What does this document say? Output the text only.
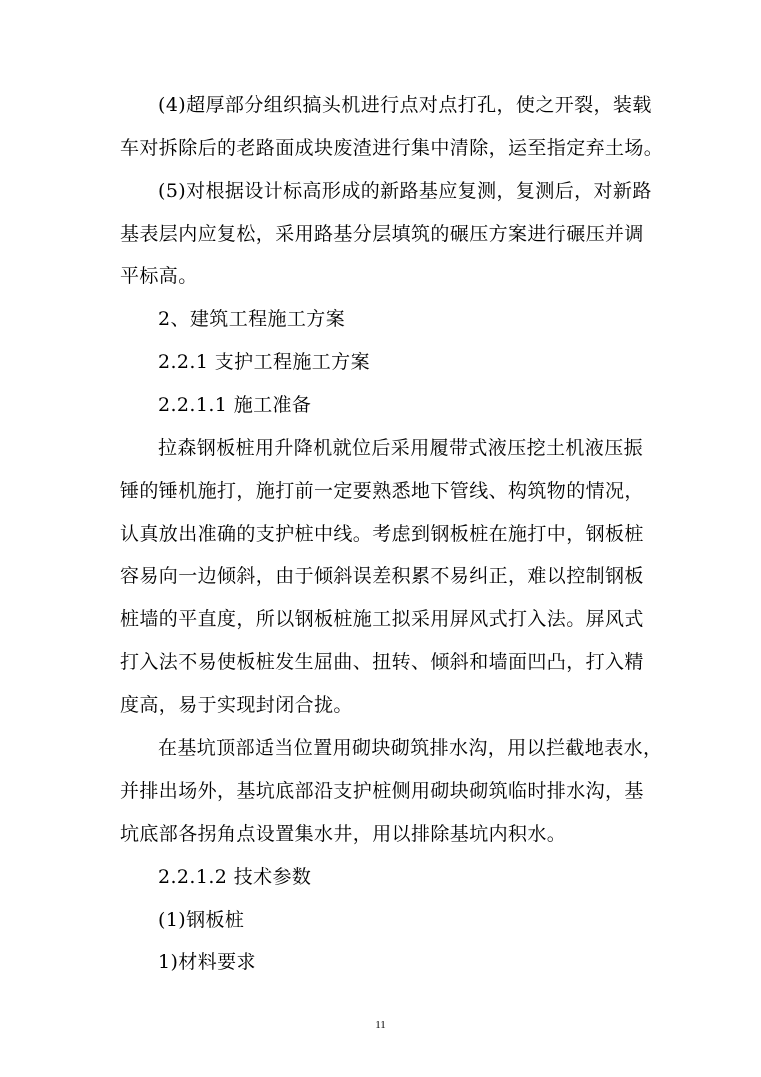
(4)超厚部分组织搞头机进行点对点打孔，使之开裂，装载
车对拆除后的老路面成块废渣进行集中清除，运至指定弃土场。
(5)对根据设计标高形成的新路基应复测，复测后，对新路
基表层内应复松，采用路基分层填筑的碾压方案进行碾压并调
平标高。
2、建筑工程施工方案
2.2.1 支护工程施工方案
2.2.1.1 施工准备
拉森钢板桩用升降机就位后采用履带式液压挖土机液压振
锤的锤机施打，施打前一定要熟悉地下管线、构筑物的情况，
认真放出准确的支护桩中线。考虑到钢板桩在施打中，钢板桩
容易向一边倾斜，由于倾斜误差积累不易纠正，难以控制钢板
桩墙的平直度，所以钢板桩施工拟采用屏风式打入法。屏风式
打入法不易使板桩发生屈曲、扭转、倾斜和墙面凹凸，打入精
度高，易于实现封闭合拢。
在基坑顶部适当位置用砌块砌筑排水沟，用以拦截地表水，
并排出场外，基坑底部沿支护桩侧用砌块砌筑临时排水沟，基
坑底部各拐角点设置集水井，用以排除基坑内积水。
2.2.1.2 技术参数
(1)钢板桩
1)材料要求
11
